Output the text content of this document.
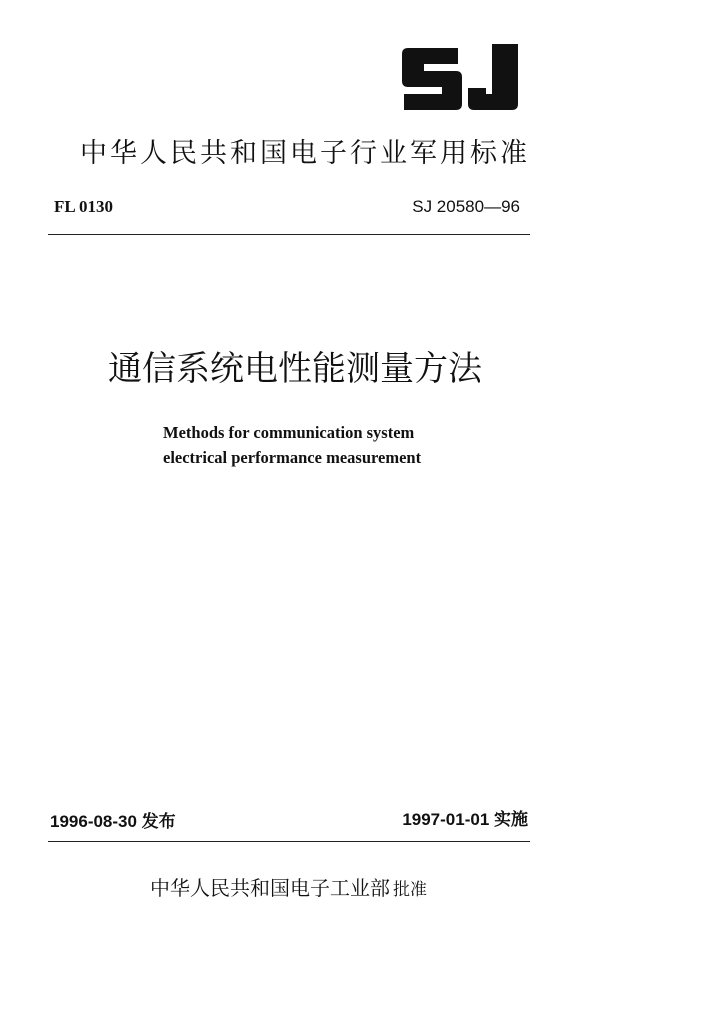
中华人民共和国电子行业军用标准
FL 0130	SJ 20580—96
通信系统电性能测量方法
Methods for communication system
electrical performance measurement
1996-08-30 发布	1997-01-01 实施
中华人民共和国电子工业部 批准
